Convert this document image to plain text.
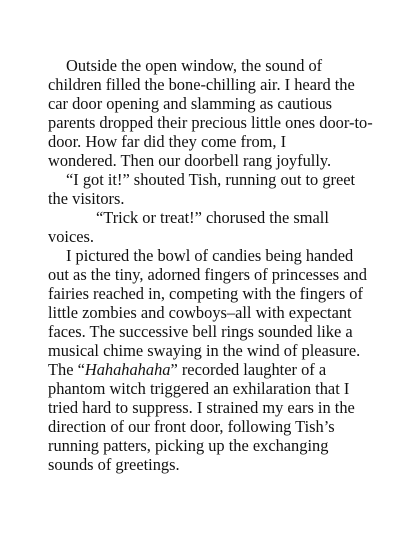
Outside the open window, the sound of
children filled the bone-chilling air. I heard the
car door opening and slamming as cautious
parents dropped their precious little ones door-to-
door. How far did they come from, I
wondered. Then our doorbell rang joyfully.
“I got it!” shouted Tish, running out to greet
the visitors.
“Trick or treat!” chorused the small
voices.
I pictured the bowl of candies being handed
out as the tiny, adorned fingers of princesses and
fairies reached in, competing with the fingers of
little zombies and cowboys–all with expectant
faces. The successive bell rings sounded like a
musical chime swaying in the wind of pleasure.
The “Hahahahaha” recorded laughter of a
phantom witch triggered an exhilaration that I
tried hard to suppress. I strained my ears in the
direction of our front door, following Tish’s
running patters, picking up the exchanging
sounds of greetings.
